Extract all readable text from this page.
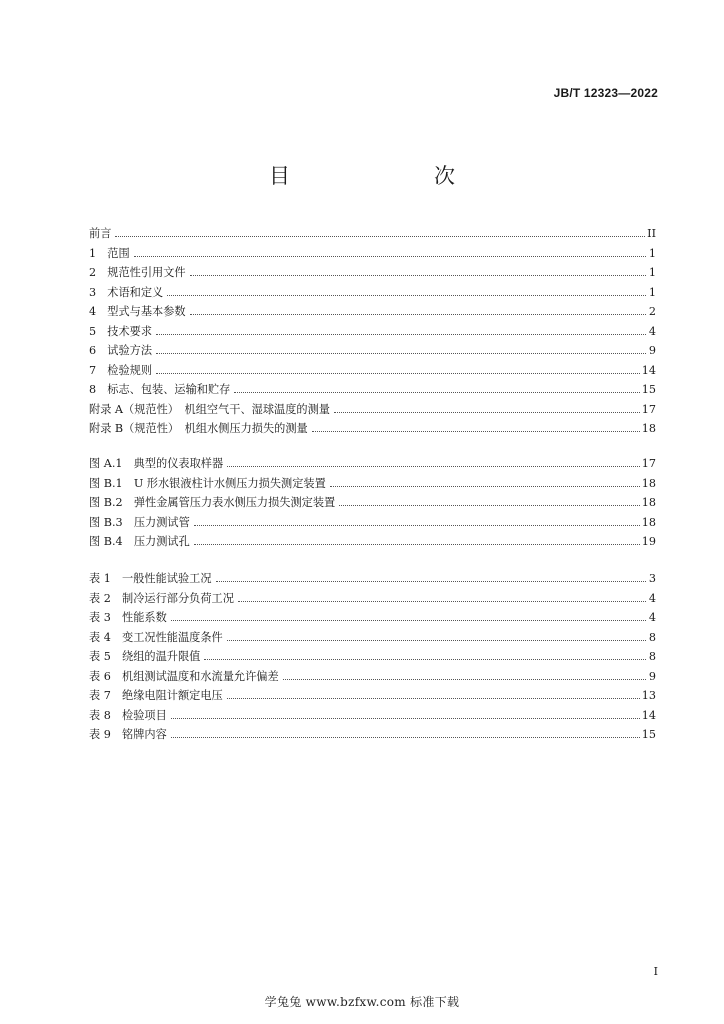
JB/T 12323—2022
目　　次
前言	II
1　范围	1
2　规范性引用文件	1
3　术语和定义	1
4　型式与基本参数	2
5　技术要求	4
6　试验方法	9
7　检验规则	14
8　标志、包装、运输和贮存	15
附录 A（规范性）　机组空气干、湿球温度的测量	17
附录 B（规范性）　机组水侧压力损失的测量	18
图 A.1　典型的仪表取样器	17
图 B.1　U 形水银液柱计水侧压力损失测定装置	18
图 B.2　弹性金属管压力表水侧压力损失测定装置	18
图 B.3　压力测试管	18
图 B.4　压力测试孔	19
表 1　一般性能试验工况	3
表 2　制冷运行部分负荷工况	4
表 3　性能系数	4
表 4　变工况性能温度条件	8
表 5　绕组的温升限值	8
表 6　机组测试温度和水流量允许偏差	9
表 7　绝缘电阻计额定电压	13
表 8　检验项目	14
表 9　铭牌内容	15
I
学兔兔 www.bzfxw.com 标准下载
